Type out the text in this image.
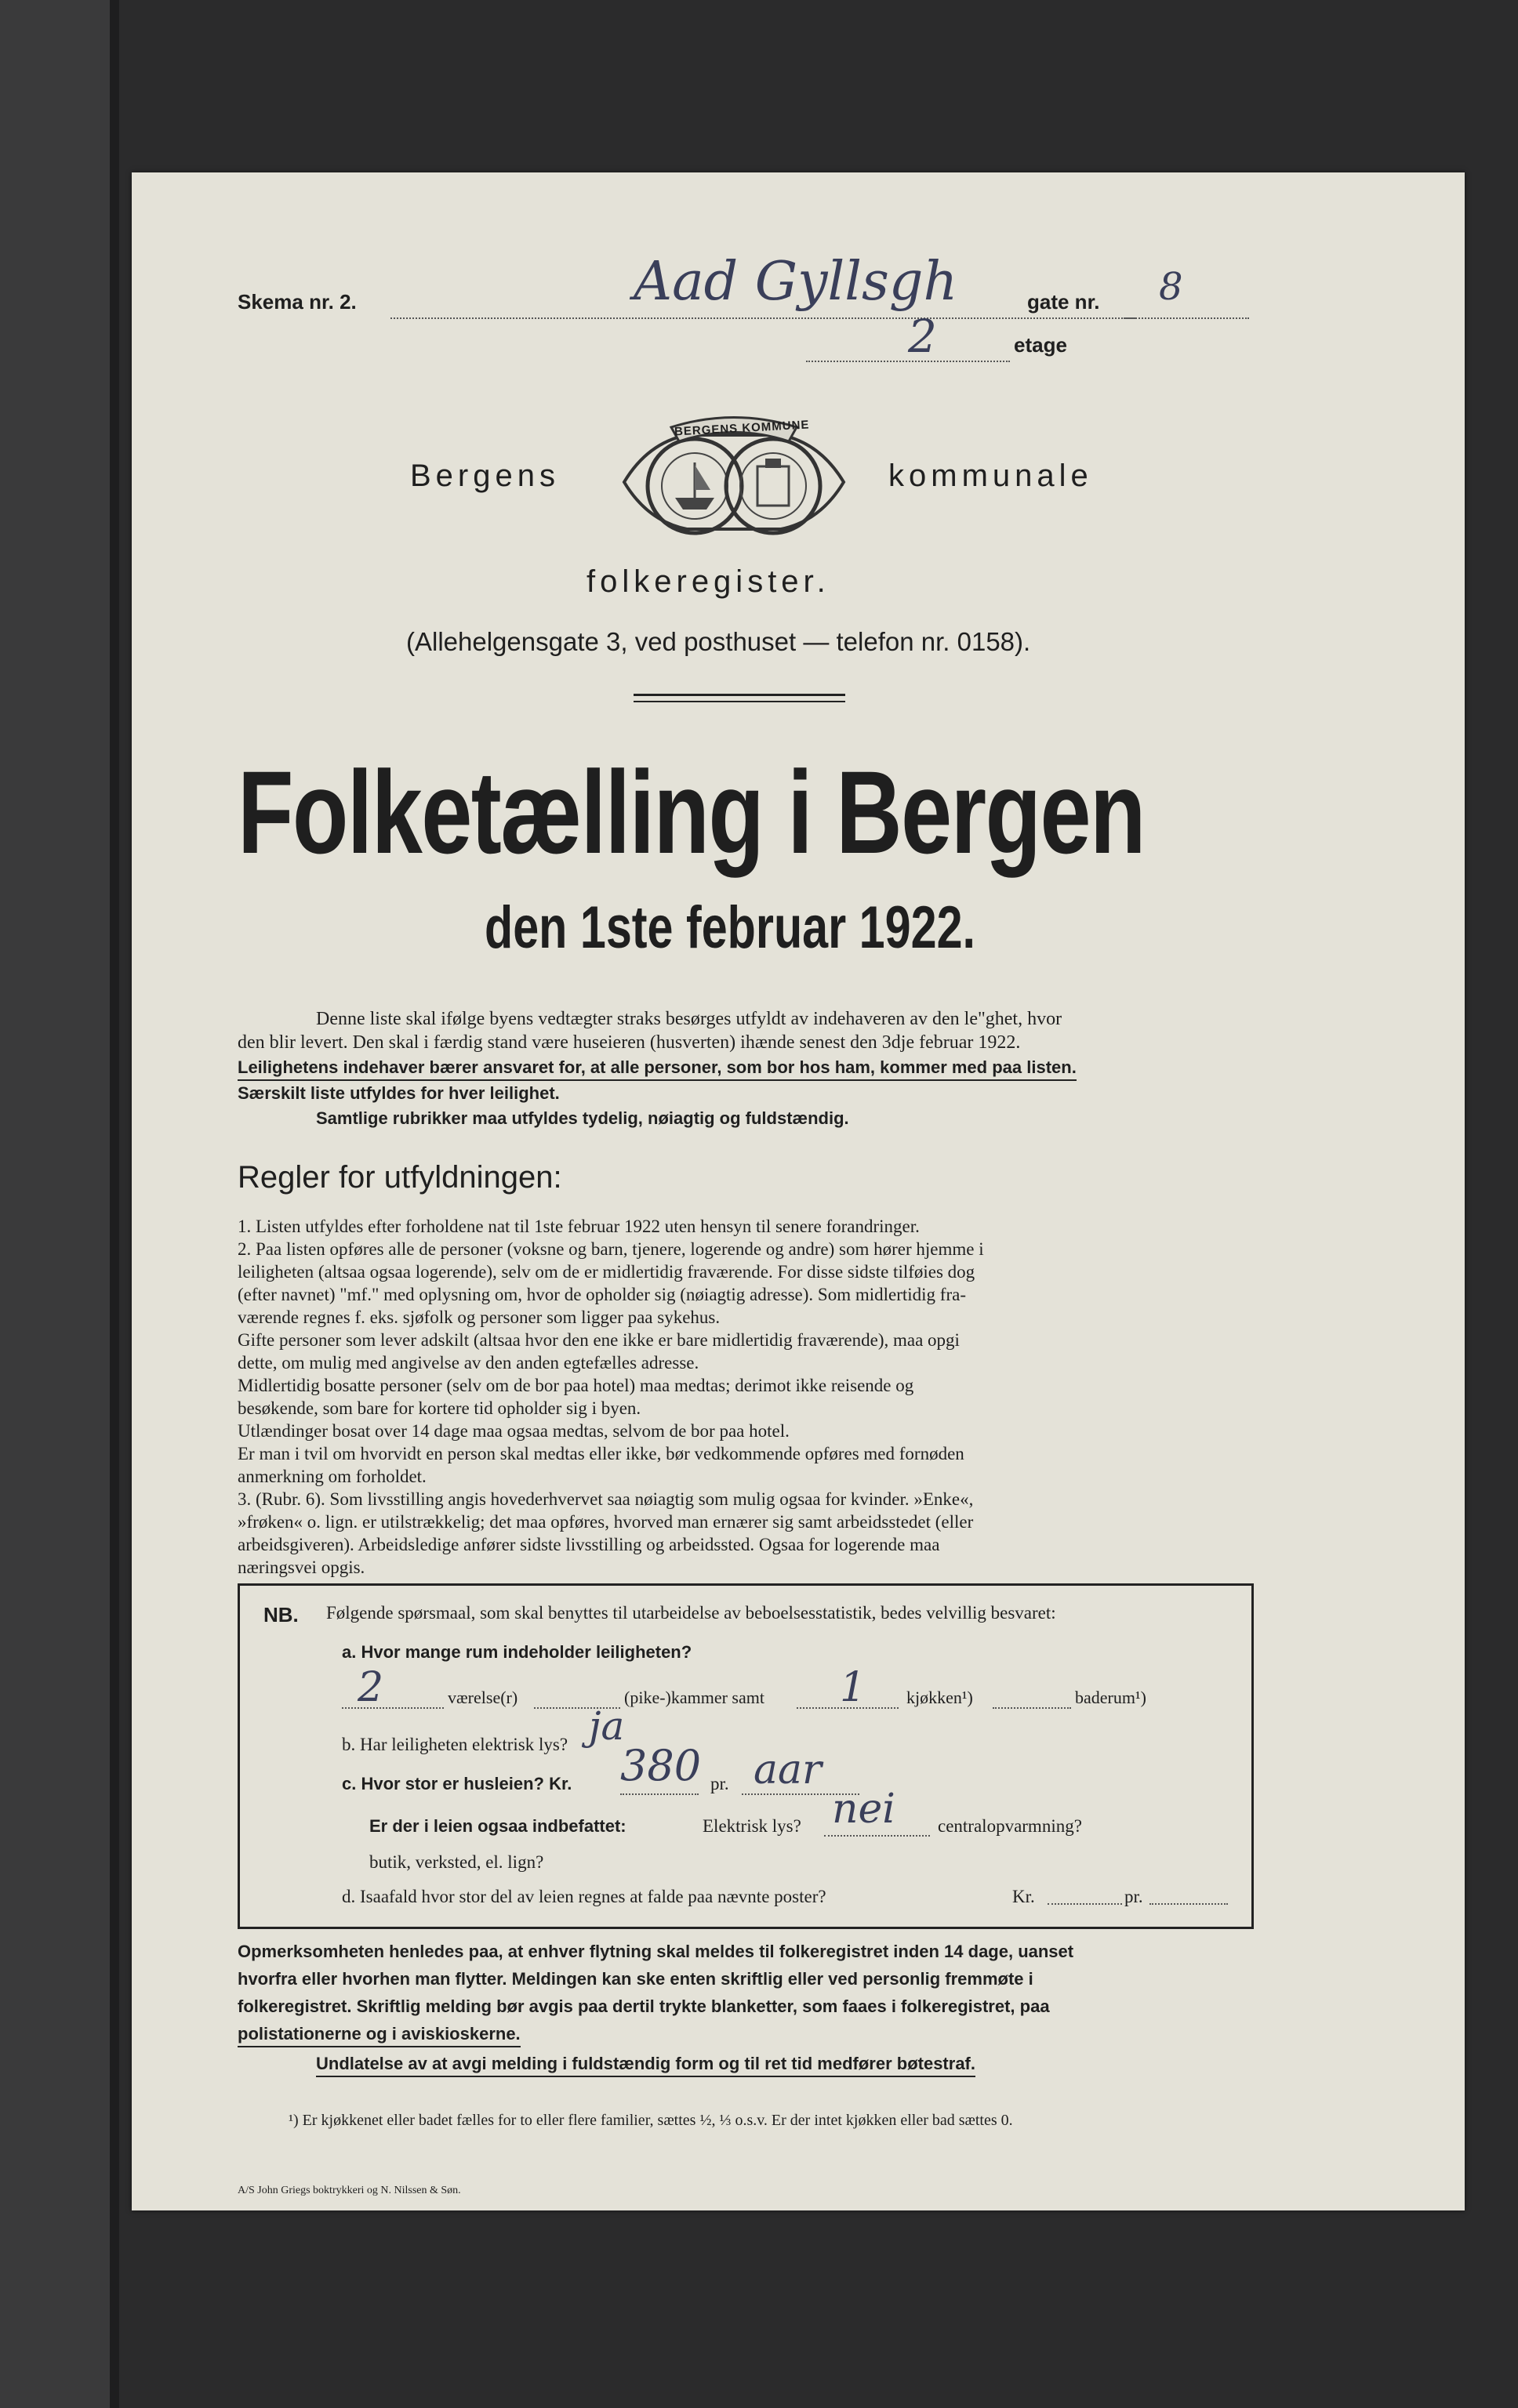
Skema nr. 2.	Aad Gyllsgh	gate nr. 8
2	etage
BERGENS KOMMUNE
Bergens	kommunale
folkeregister.
(Allehelgensgate 3, ved posthuset — telefon nr. 0158).
Folketælling i Bergen
den 1ste februar 1922.
Denne liste skal ifølge byens vedtægter straks besørges utfyldt av indehaveren av den le"ghet, hvor
den blir levert. Den skal i færdig stand være huseieren (husverten) ihænde senest den 3dje februar 1922.
Leilighetens indehaver bærer ansvaret for, at alle personer, som bor hos ham, kommer med paa listen.
Særskilt liste utfyldes for hver leilighet.
Samtlige rubrikker maa utfyldes tydelig, nøiagtig og fuldstændig.
Regler for utfyldningen:
1. Listen utfyldes efter forholdene nat til 1ste februar 1922 uten hensyn til senere forandringer.
2. Paa listen opføres alle de personer (voksne og barn, tjenere, logerende og andre) som hører hjemme i
leiligheten (altsaa ogsaa logerende), selv om de er midlertidig fraværende. For disse sidste tilføies dog
(efter navnet) "mf." med oplysning om, hvor de opholder sig (nøiagtig adresse). Som midlertidig fra-
værende regnes f. eks. sjøfolk og personer som ligger paa sykehus.
Gifte personer som lever adskilt (altsaa hvor den ene ikke er bare midlertidig fraværende), maa opgi
dette, om mulig med angivelse av den anden egtefælles adresse.
Midlertidig bosatte personer (selv om de bor paa hotel) maa medtas; derimot ikke reisende og
besøkende, som bare for kortere tid opholder sig i byen.
Utlændinger bosat over 14 dage maa ogsaa medtas, selvom de bor paa hotel.
Er man i tvil om hvorvidt en person skal medtas eller ikke, bør vedkommende opføres med fornøden
anmerkning om forholdet.
3. (Rubr. 6). Som livsstilling angis hovederhvervet saa nøiagtig som mulig ogsaa for kvinder. »Enke«,
»frøken« o. lign. er utilstrækkelig; det maa opføres, hvorved man ernærer sig samt arbeidsstedet (eller
arbeidsgiveren). Arbeidsledige anfører sidste livsstilling og arbeidssted. Ogsaa for logerende maa
næringsvei opgis.
NB. Følgende spørsmaal, som skal benyttes til utarbeidelse av beboelsesstatistik, bedes velvillig besvaret:
a. Hvor mange rum indeholder leiligheten?
2	værelse(r)	(pike-)kammer samt 1 kjøkken¹)	baderum¹)
b. Har leiligheten elektrisk lys? ja
c. Hvor stor er husleien? Kr. 380 pr. aar
Er der i leien ogsaa indbefattet:	Elektrisk lys? nei centralopvarmning?
butik, verksted, el. lign?
d. Isaafald hvor stor del av leien regnes at falde paa nævnte poster?	Kr.	pr.
Opmerksomheten henledes paa, at enhver flytning skal meldes til folkeregistret inden 14 dage, uanset
hvorfra eller hvorhen man flytter. Meldingen kan ske enten skriftlig eller ved personlig fremmøte i
folkeregistret. Skriftlig melding bør avgis paa dertil trykte blanketter, som faaes i folkeregistret, paa
polistationerne og i aviskioskerne.
Undlatelse av at avgi melding i fuldstændig form og til ret tid medfører bøtestraf.
¹) Er kjøkkenet eller badet fælles for to eller flere familier, sættes ½, ⅓ o.s.v. Er der intet kjøkken eller bad sættes 0.
A/S John Griegs boktrykkeri og N. Nilssen & Søn.
